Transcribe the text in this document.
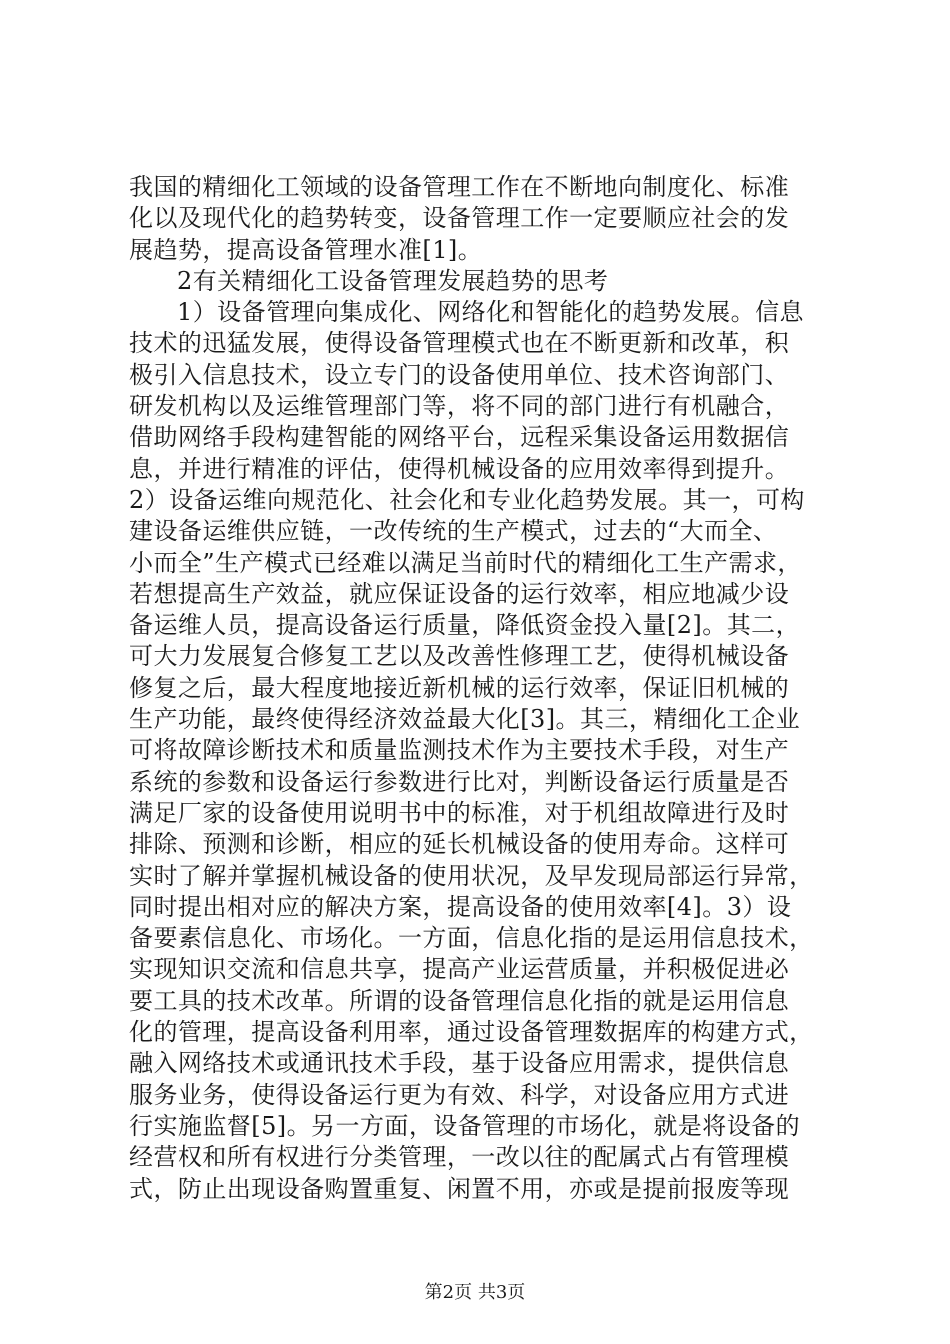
我国的精细化工领域的设备管理工作在不断地向制度化、标准
化以及现代化的趋势转变，设备管理工作一定要顺应社会的发
展趋势，提高设备管理水准[1]。
2有关精细化工设备管理发展趋势的思考
1）设备管理向集成化、网络化和智能化的趋势发展。信息
技术的迅猛发展，使得设备管理模式也在不断更新和改革，积
极引入信息技术，设立专门的设备使用单位、技术咨询部门、
研发机构以及运维管理部门等，将不同的部门进行有机融合，
借助网络手段构建智能的网络平台，远程采集设备运用数据信
息，并进行精准的评估，使得机械设备的应用效率得到提升。
2）设备运维向规范化、社会化和专业化趋势发展。其一，可构
建设备运维供应链，一改传统的生产模式，过去的“大而全、
小而全”生产模式已经难以满足当前时代的精细化工生产需求，
若想提高生产效益，就应保证设备的运行效率，相应地减少设
备运维人员，提高设备运行质量，降低资金投入量[2]。其二，
可大力发展复合修复工艺以及改善性修理工艺，使得机械设备
修复之后，最大程度地接近新机械的运行效率，保证旧机械的
生产功能，最终使得经济效益最大化[3]。其三，精细化工企业
可将故障诊断技术和质量监测技术作为主要技术手段，对生产
系统的参数和设备运行参数进行比对，判断设备运行质量是否
满足厂家的设备使用说明书中的标准，对于机组故障进行及时
排除、预测和诊断，相应的延长机械设备的使用寿命。这样可
实时了解并掌握机械设备的使用状况，及早发现局部运行异常，
同时提出相对应的解决方案，提高设备的使用效率[4]。3）设
备要素信息化、市场化。一方面，信息化指的是运用信息技术，
实现知识交流和信息共享，提高产业运营质量，并积极促进必
要工具的技术改革。所谓的设备管理信息化指的就是运用信息
化的管理，提高设备利用率，通过设备管理数据库的构建方式，
融入网络技术或通讯技术手段，基于设备应用需求，提供信息
服务业务，使得设备运行更为有效、科学，对设备应用方式进
行实施监督[5]。另一方面，设备管理的市场化，就是将设备的
经营权和所有权进行分类管理，一改以往的配属式占有管理模
式，防止出现设备购置重复、闲置不用，亦或是提前报废等现
第2页 共3页
